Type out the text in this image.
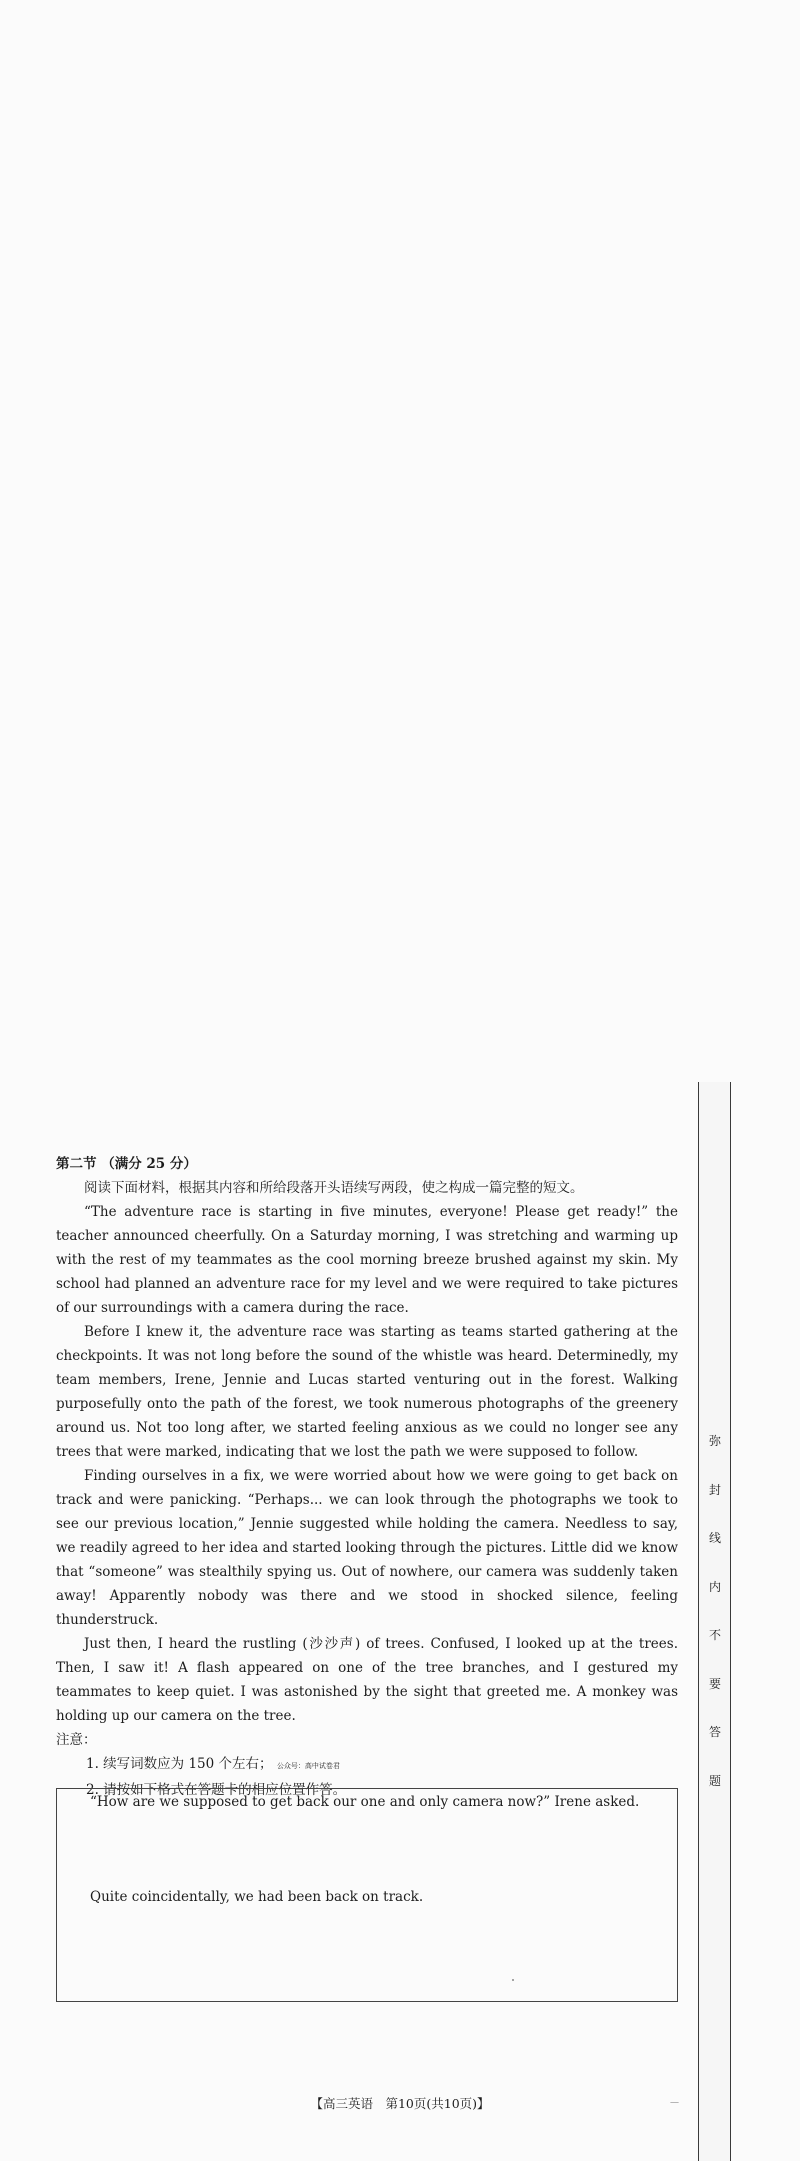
弥
封
线
内
不
要
答
题

第二节 （满分 25 分）

阅读下面材料，根据其内容和所给段落开头语续写两段，使之构成一篇完整的短文。

“The adventure race is starting in five minutes, everyone! Please get ready!” the teacher announced cheerfully. On a Saturday morning, I was stretching and warming up with the rest of my teammates as the cool morning breeze brushed against my skin. My school had planned an adventure race for my level and we were required to take pictures of our surroundings with a camera during the race.

Before I knew it, the adventure race was starting as teams started gathering at the checkpoints. It was not long before the sound of the whistle was heard. Determinedly, my team members, Irene, Jennie and Lucas started venturing out in the forest. Walking purposefully onto the path of the forest, we took numerous photographs of the greenery around us. Not too long after, we started feeling anxious as we could no longer see any trees that were marked, indicating that we lost the path we were supposed to follow.

Finding ourselves in a fix, we were worried about how we were going to get back on track and were panicking. “Perhaps... we can look through the photographs we took to see our previous location,” Jennie suggested while holding the camera. Needless to say, we readily agreed to her idea and started looking through the pictures. Little did we know that “someone” was stealthily spying us. Out of nowhere, our camera was suddenly taken away! Apparently nobody was there and we stood in shocked silence, feeling thunderstruck.

Just then, I heard the rustling (沙沙声) of trees. Confused, I looked up at the trees. Then, I saw it! A flash appeared on one of the tree branches, and I gestured my teammates to keep quiet. I was astonished by the sight that greeted me. A monkey was holding up our camera on the tree.

注意：

1. 续写词数应为 150 个左右； 公众号：高中试卷君

2. 请按如下格式在答题卡的相应位置作答。

“How are we supposed to get back our one and only camera now?” Irene asked.

Quite coincidentally, we had been back on track.

【高三英语　第10页(共10页)】	—
